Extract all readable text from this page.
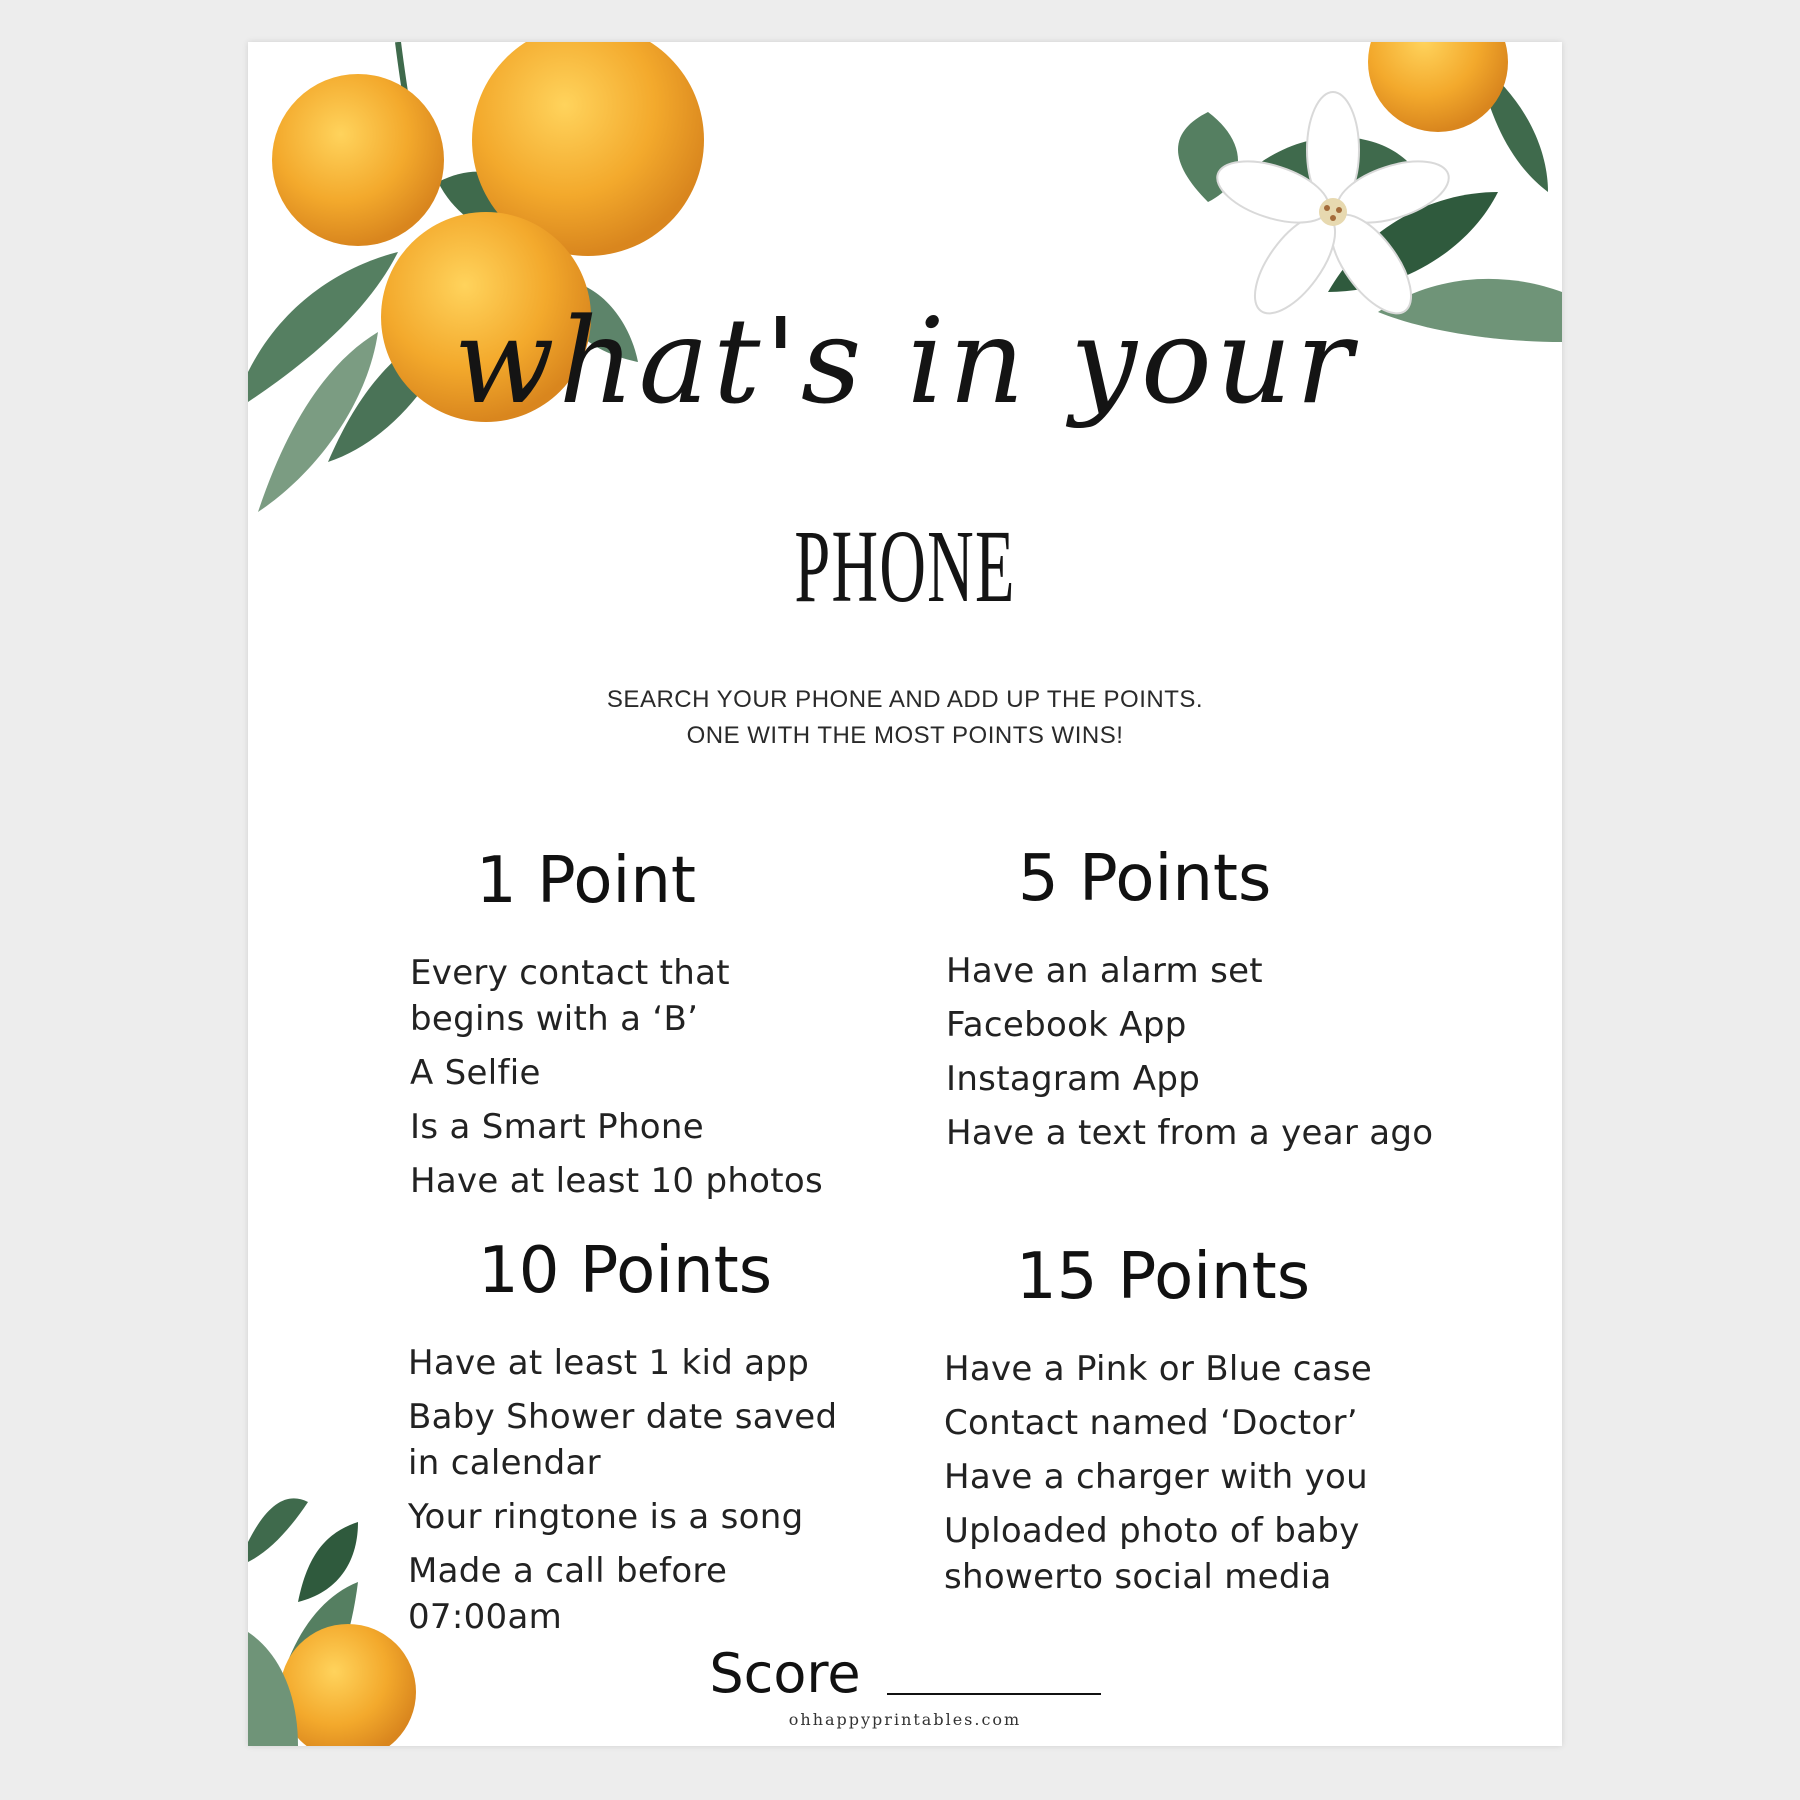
what's in your
PHONE
SEARCH YOUR PHONE AND ADD UP THE POINTS.
ONE WITH THE MOST POINTS WINS!
1 Point
Every contact that begins with a ‘B’
A Selfie
Is a Smart Phone
Have at least 10 photos
5 Points
Have an alarm set
Facebook App
Instagram App
Have a text from a year ago
10 Points
Have at least 1 kid app
Baby Shower date saved in calendar
Your ringtone is a song
Made a call before 07:00am
15 Points
Have a Pink or Blue case
Contact named ‘Doctor’
Have a charger with you
Uploaded photo of baby showerto social media
Score
ohhappyprintables.com
